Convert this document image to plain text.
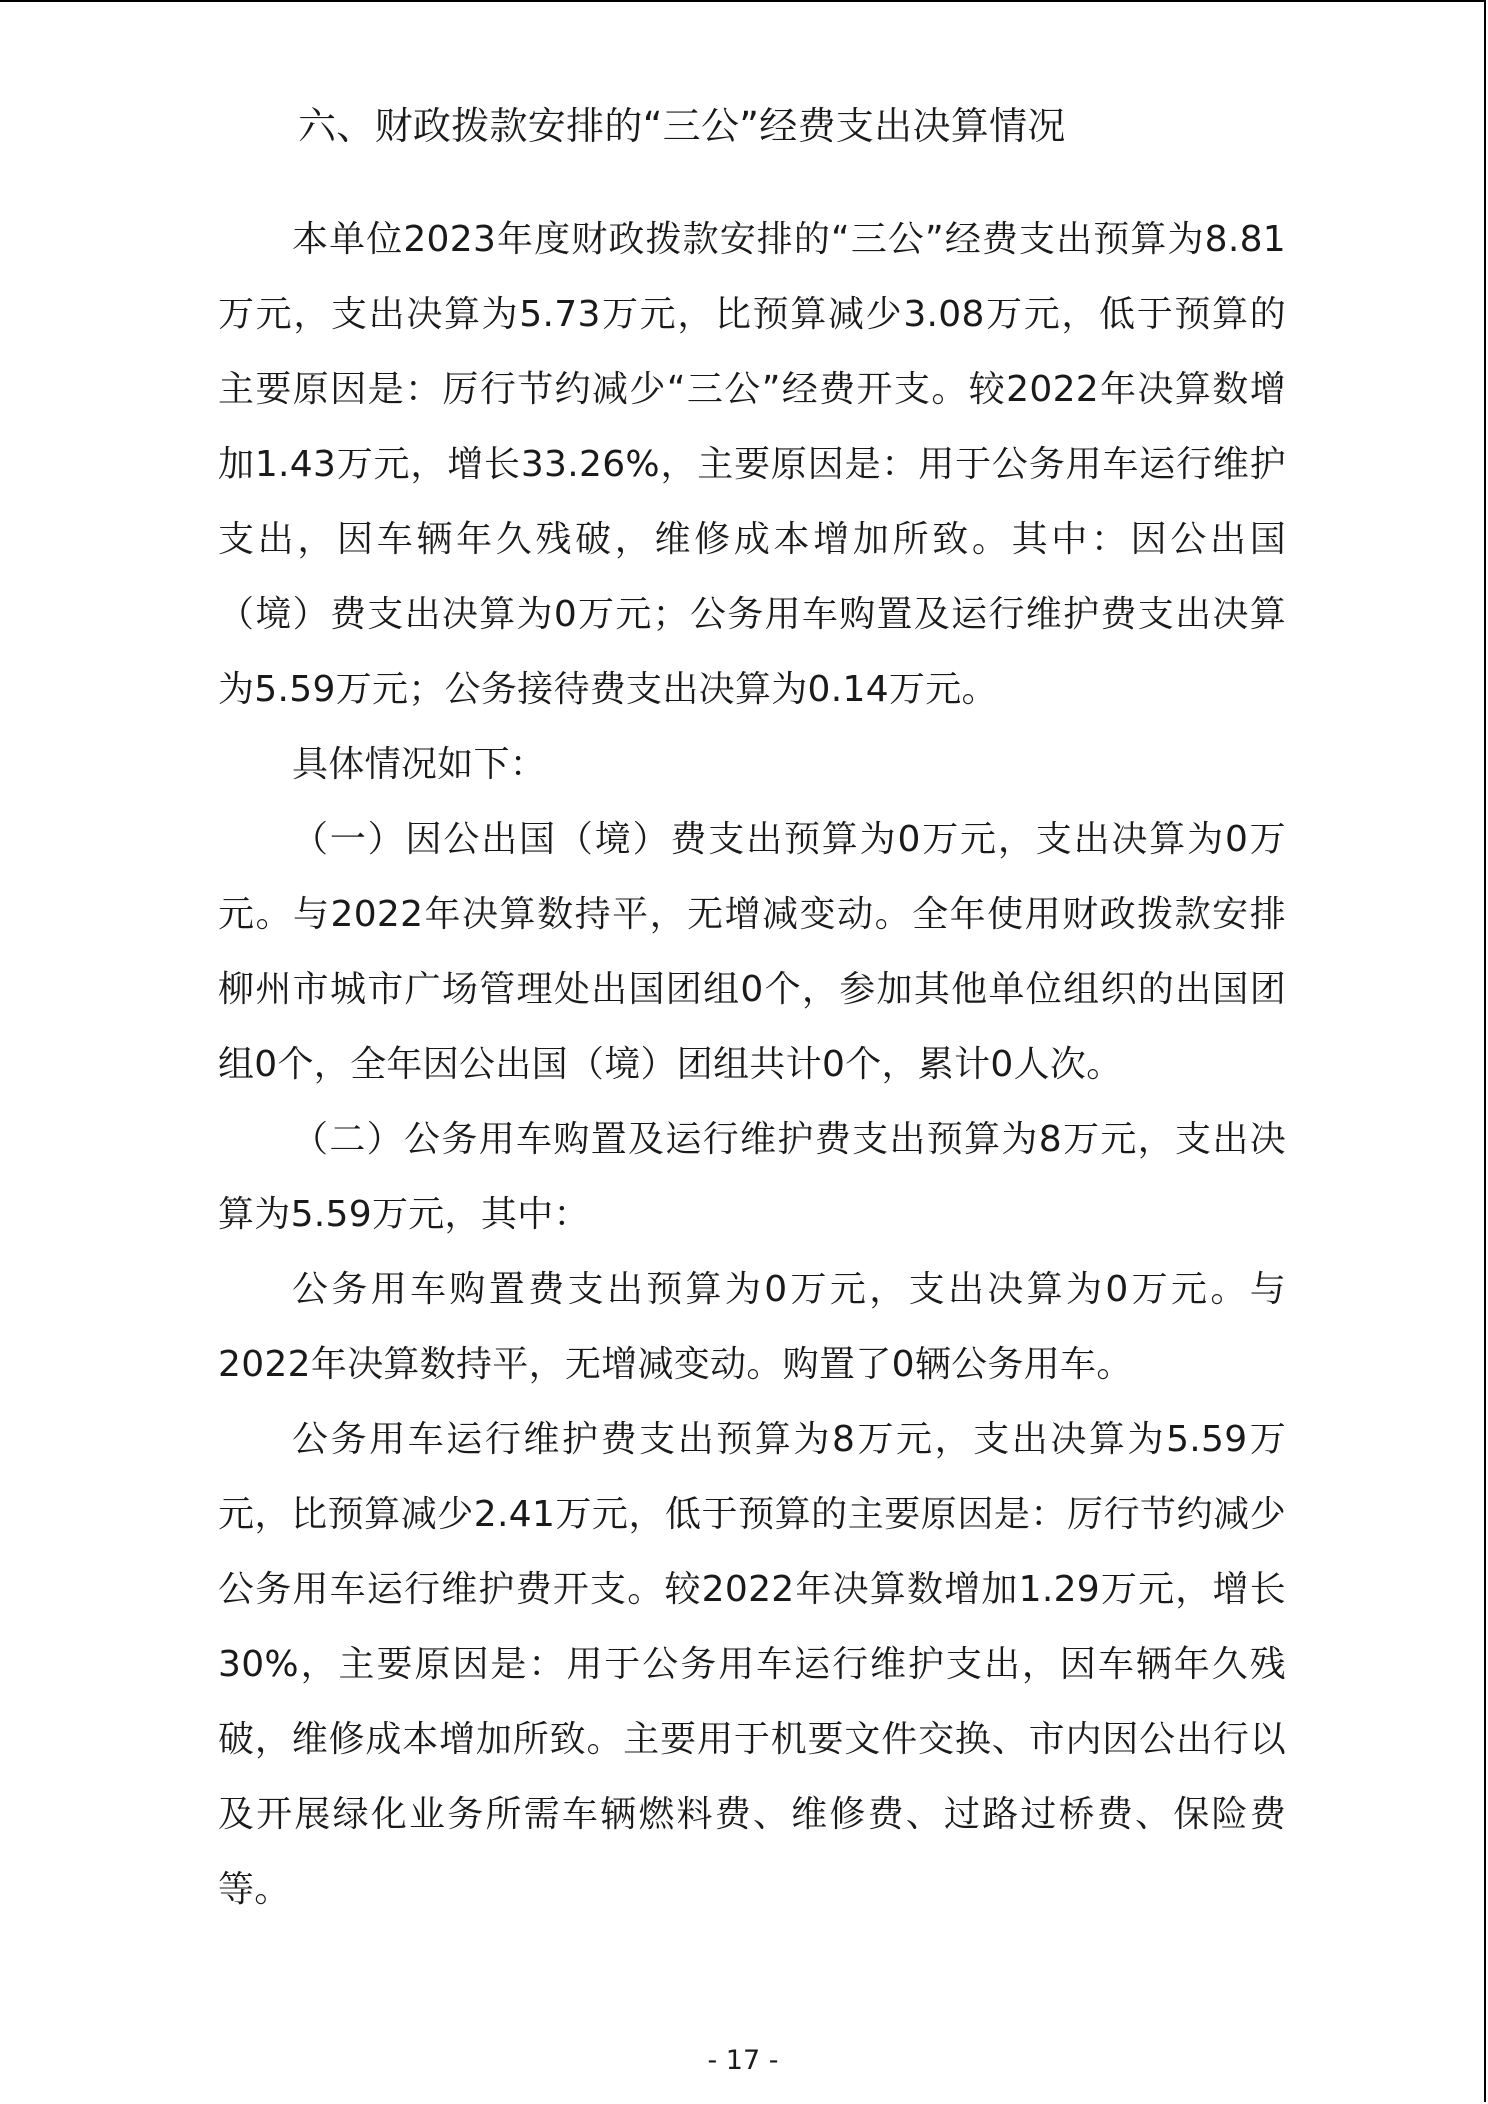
六、财政拨款安排的“三公”经费支出决算情况

本单位2023年度财政拨款安排的“三公”经费支出预算为8.81万元，支出决算为5.73万元，比预算减少3.08万元，低于预算的主要原因是：厉行节约减少“三公”经费开支。较2022年决算数增加1.43万元，增长33.26%，主要原因是：用于公务用车运行维护支出，因车辆年久残破，维修成本增加所致。其中：因公出国（境）费支出决算为0万元；公务用车购置及运行维护费支出决算为5.59万元；公务接待费支出决算为0.14万元。

具体情况如下：

（一）因公出国（境）费支出预算为0万元，支出决算为0万元。与2022年决算数持平，无增减变动。全年使用财政拨款安排柳州市城市广场管理处出国团组0个，参加其他单位组织的出国团组0个，全年因公出国（境）团组共计0个，累计0人次。

（二）公务用车购置及运行维护费支出预算为8万元，支出决算为5.59万元，其中：

公务用车购置费支出预算为0万元，支出决算为0万元。与2022年决算数持平，无增减变动。购置了0辆公务用车。

公务用车运行维护费支出预算为8万元，支出决算为5.59万元，比预算减少2.41万元，低于预算的主要原因是：厉行节约减少公务用车运行维护费开支。较2022年决算数增加1.29万元，增长30%，主要原因是：用于公务用车运行维护支出，因车辆年久残破，维修成本增加所致。主要用于机要文件交换、市内因公出行以及开展绿化业务所需车辆燃料费、维修费、过路过桥费、保险费等。

- 17 -
